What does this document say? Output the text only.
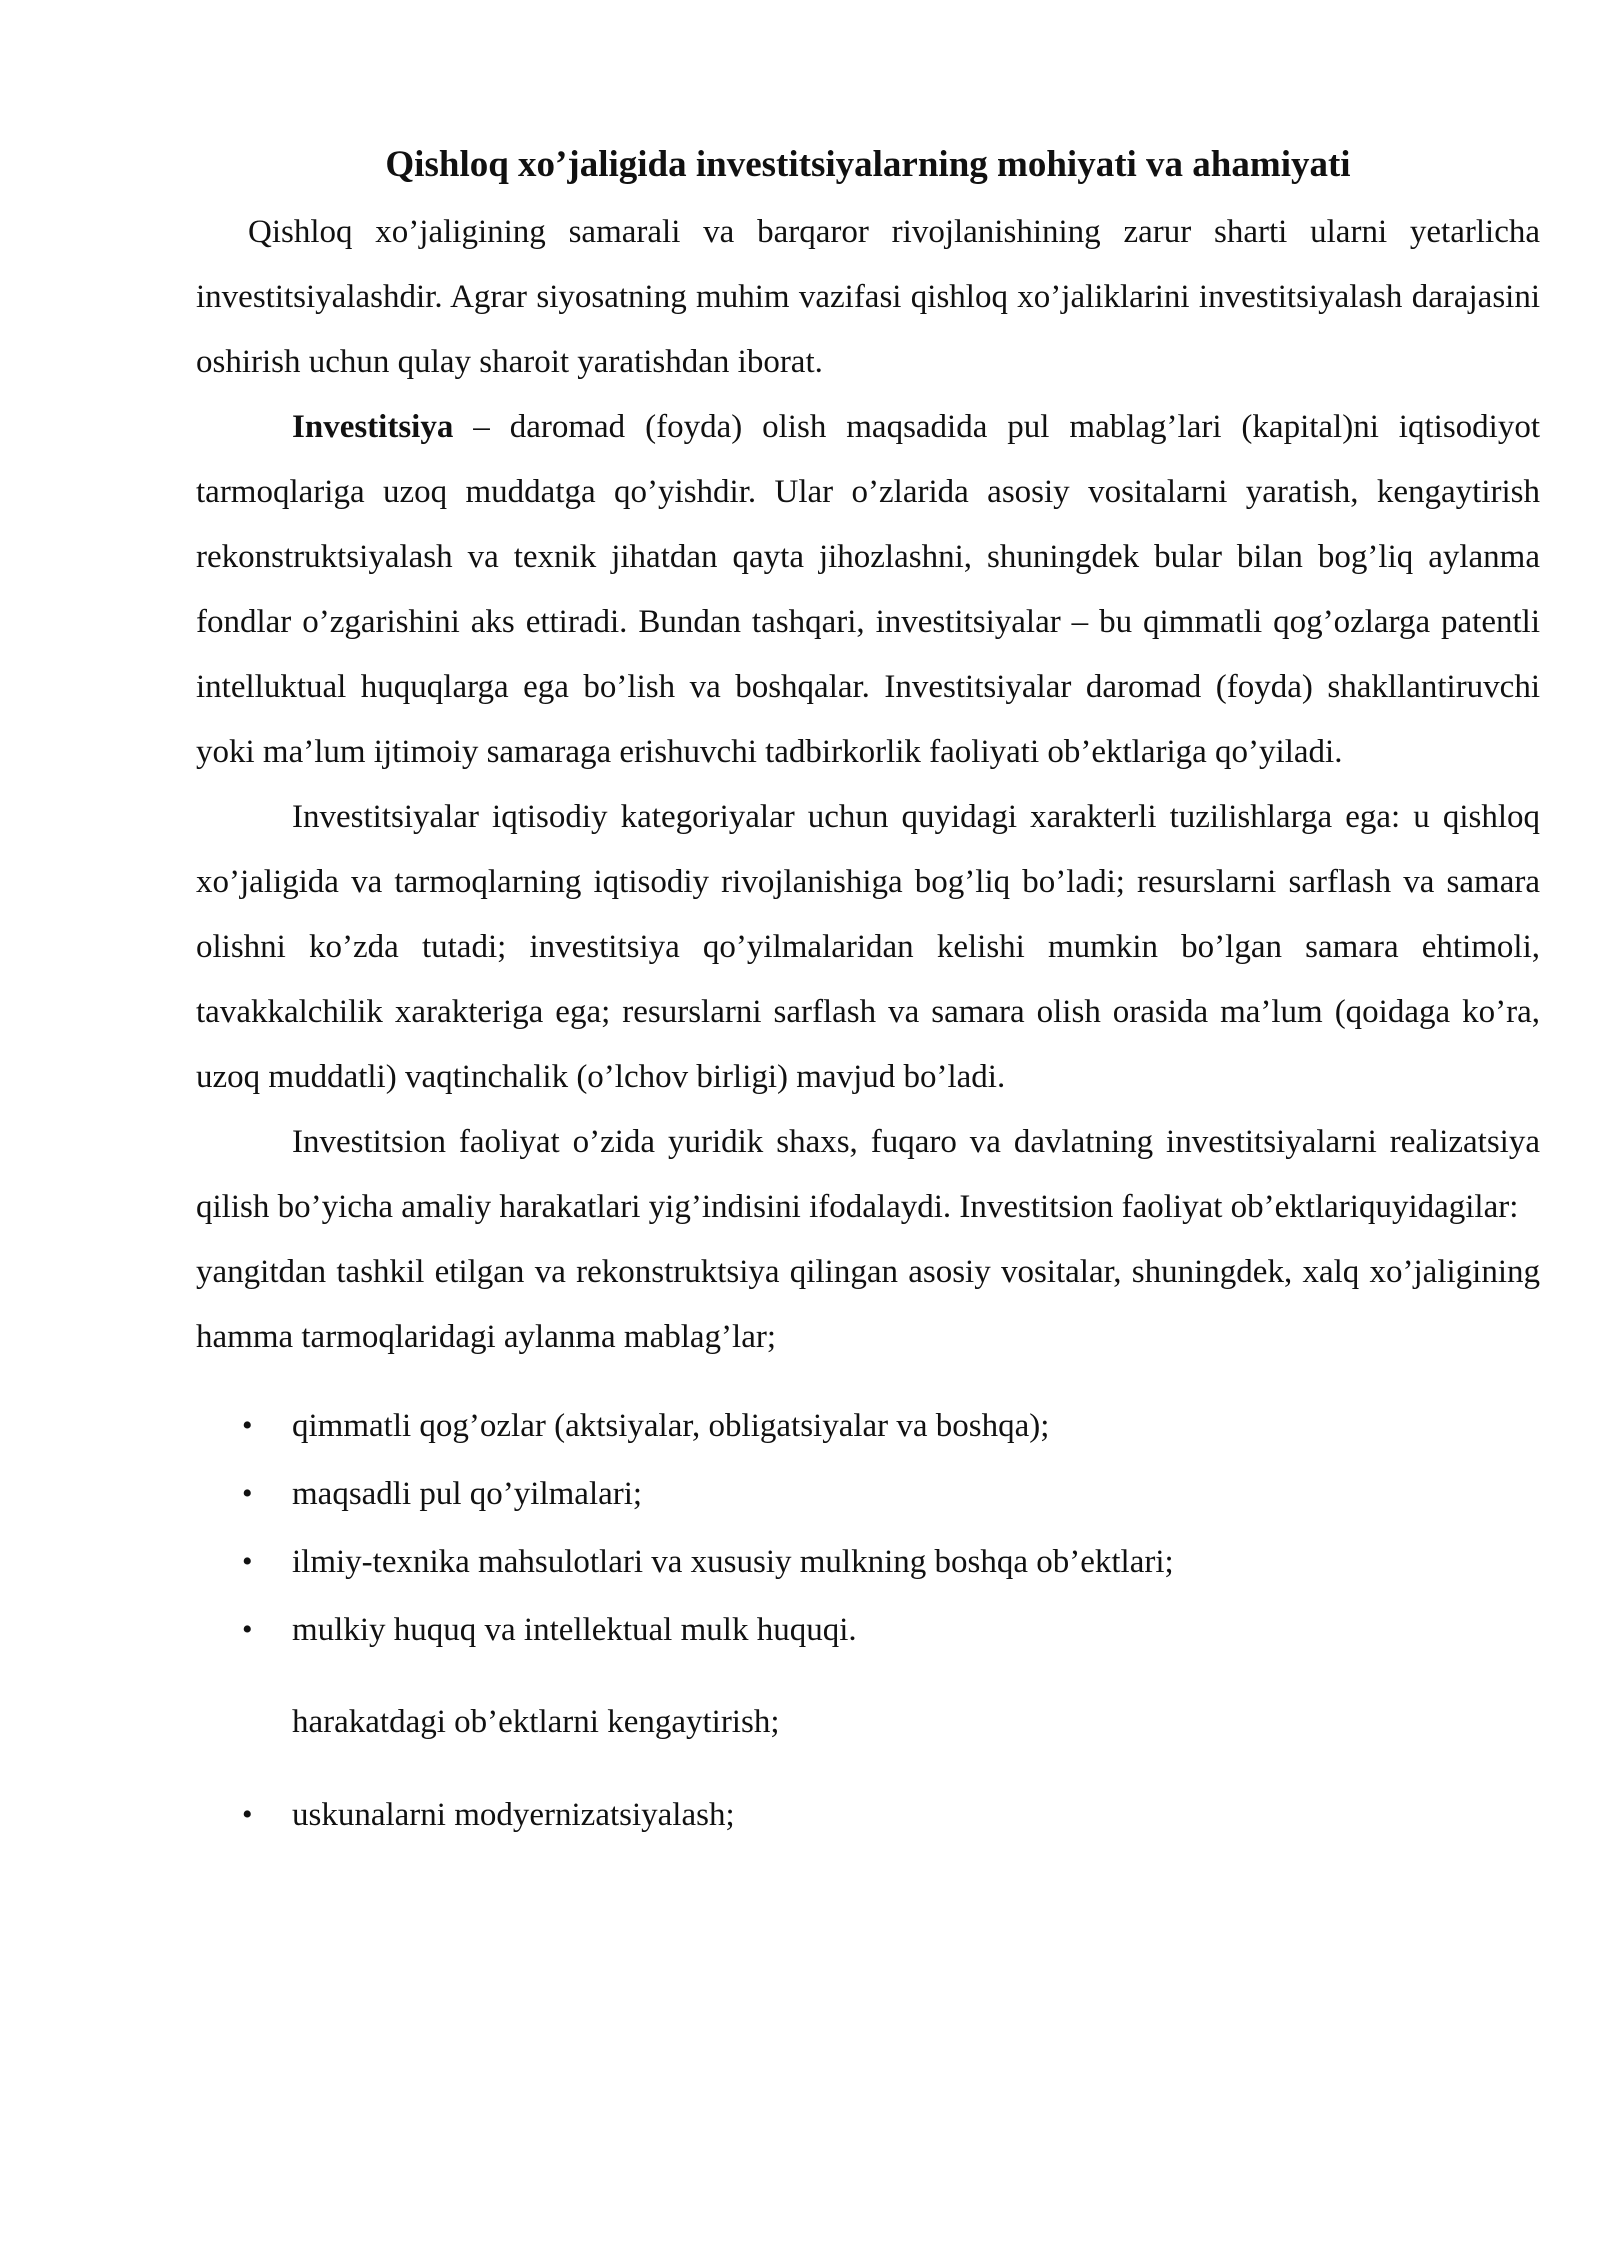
Qishloq xo’jaligida investitsiyalarning mohiyati va ahamiyati

Qishloq xo’jaligining samarali va barqaror rivojlanishining zarur sharti ularni yetarlicha investitsiyalashdir. Agrar siyosatning muhim vazifasi qishloq xo’jaliklarini investitsiyalash darajasini oshirish uchun qulay sharoit yaratishdan iborat.

Investitsiya – daromad (foyda) olish maqsadida pul mablag’lari (kapital)ni iqtisodiyot tarmoqlariga uzoq muddatga qo’yishdir. Ular o’zlarida asosiy vositalarni yaratish, kengaytirish rekonstruktsiyalash va texnik jihatdan qayta jihozlashni, shuningdek bular bilan bog’liq aylanma fondlar o’zgarishini aks ettiradi. Bundan tashqari, investitsiyalar – bu qimmatli qog’ozlarga patentli intelluktual huquqlarga ega bo’lish va boshqalar. Investitsiyalar daromad (foyda) shakllantiruvchi yoki ma’lum ijtimoiy samaraga erishuvchi tadbirkorlik faoliyati ob’ektlariga qo’yiladi.

Investitsiyalar iqtisodiy kategoriyalar uchun quyidagi xarakterli tuzilishlarga ega: u qishloq xo’jaligida va tarmoqlarning iqtisodiy rivojlanishiga bog’liq bo’ladi; resurslarni sarflash va samara olishni ko’zda tutadi; investitsiya qo’yilmalaridan kelishi mumkin bo’lgan samara ehtimoli, tavakkalchilik xarakteriga ega; resurslarni sarflash va samara olish orasida ma’lum (qoidaga ko’ra, uzoq muddatli) vaqtinchalik (o’lchov birligi) mavjud bo’ladi.

Investitsion faoliyat o’zida yuridik shaxs, fuqaro va davlatning investitsiyalarni realizatsiya qilish bo’yicha amaliy harakatlari yig’indisini ifodalaydi. Investitsion faoliyat ob’ektlariquyidagilar:

yangitdan tashkil etilgan va rekonstruktsiya qilingan asosiy vositalar, shuningdek, xalq xo’jaligining hamma tarmoqlaridagi aylanma mablag’lar;

• qimmatli qog’ozlar (aktsiyalar, obligatsiyalar va boshqa);
• maqsadli pul qo’yilmalari;
• ilmiy-texnika mahsulotlari va xususiy mulkning boshqa ob’ektlari;
• mulkiy huquq va intellektual mulk huquqi.

harakatdagi ob’ektlarni kengaytirish;

• uskunalarni modyernizatsiyalash;
